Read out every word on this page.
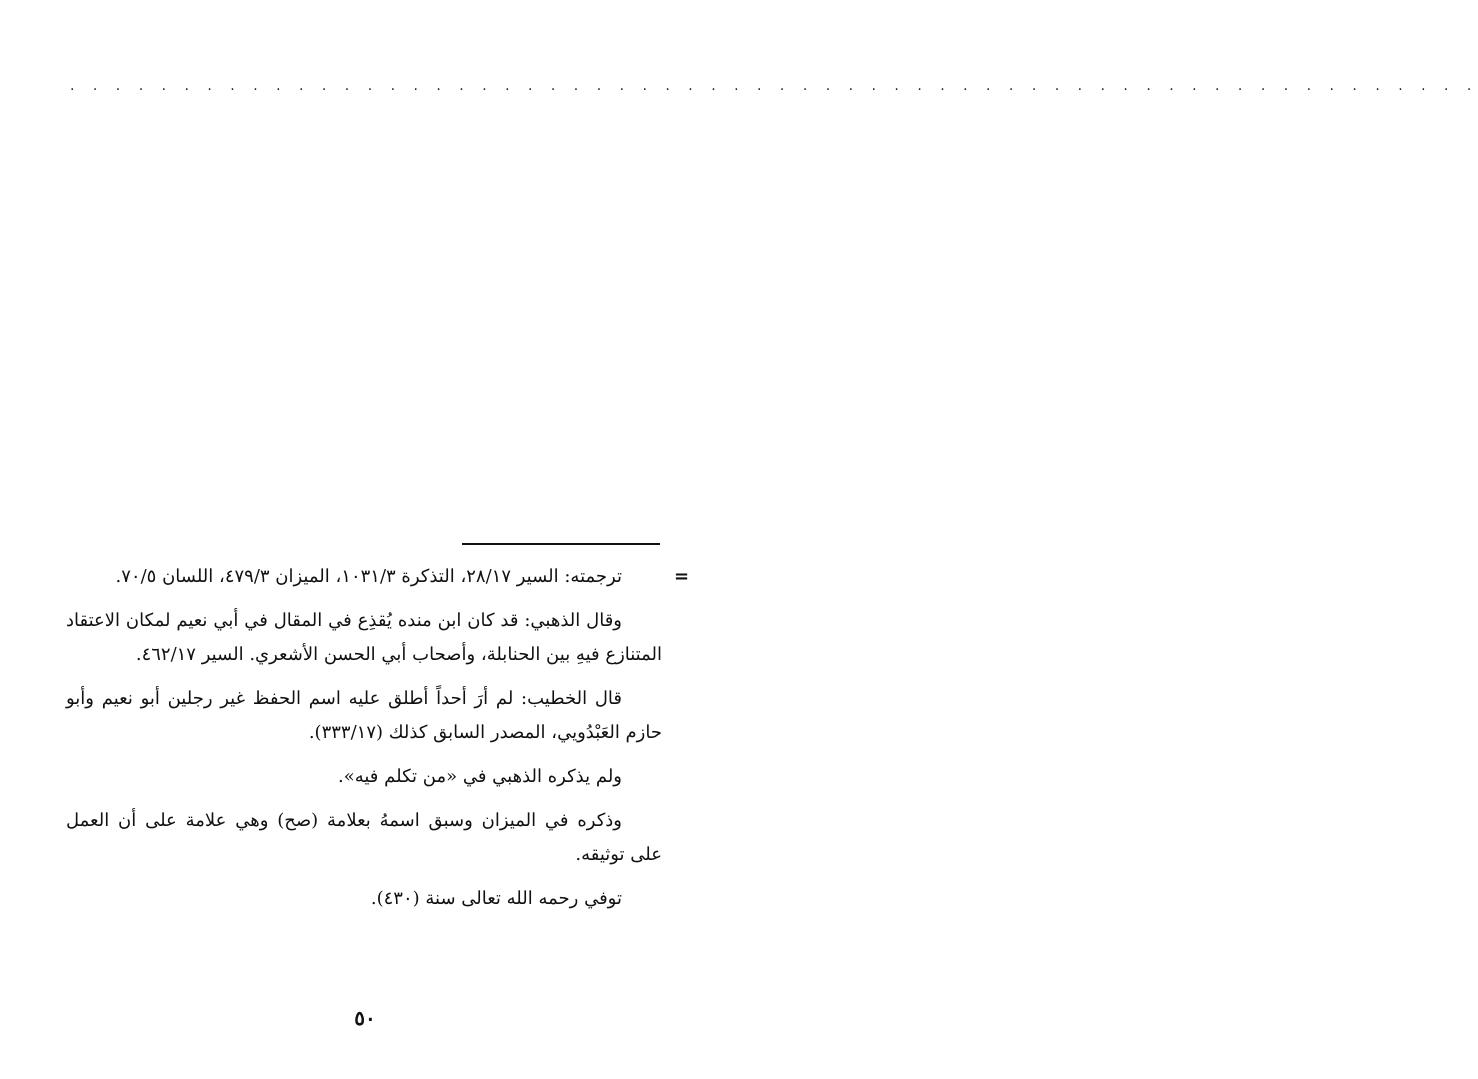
. . . . . . . . . . . . . . . . . . . . . . . . . . . . . . . . . . . . . . . . . . . . . . . . . . . . . . . . . . . . . .
=

ترجمته: السير ٢٨/١٧، التذكرة ١٠٣١/٣، الميزان ٤٧٩/٣، اللسان ٧٠/٥.

وقال الذهبي: قد كان ابن منده يُقذِع في المقال في أبي نعيم لمكان الاعتقاد المتنازع فيهِ بين الحنابلة، وأصحاب أبي الحسن الأشعري. السير ٤٦٢/١٧.

قال الخطيب: لم أرَ أحداً أطلق عليه اسم الحفظ غير رجلين أبو نعيم وأبو حازم العَبْدُويي، المصدر السابق كذلك (٣٣٣/١٧).

ولم يذكره الذهبي في «من تكلم فيه».

وذكره في الميزان وسبق اسمهُ بعلامة (صح) وهي علامة على أن العمل على توثيقه.

توفي رحمه الله تعالى سنة (٤٣٠).

٥٠
